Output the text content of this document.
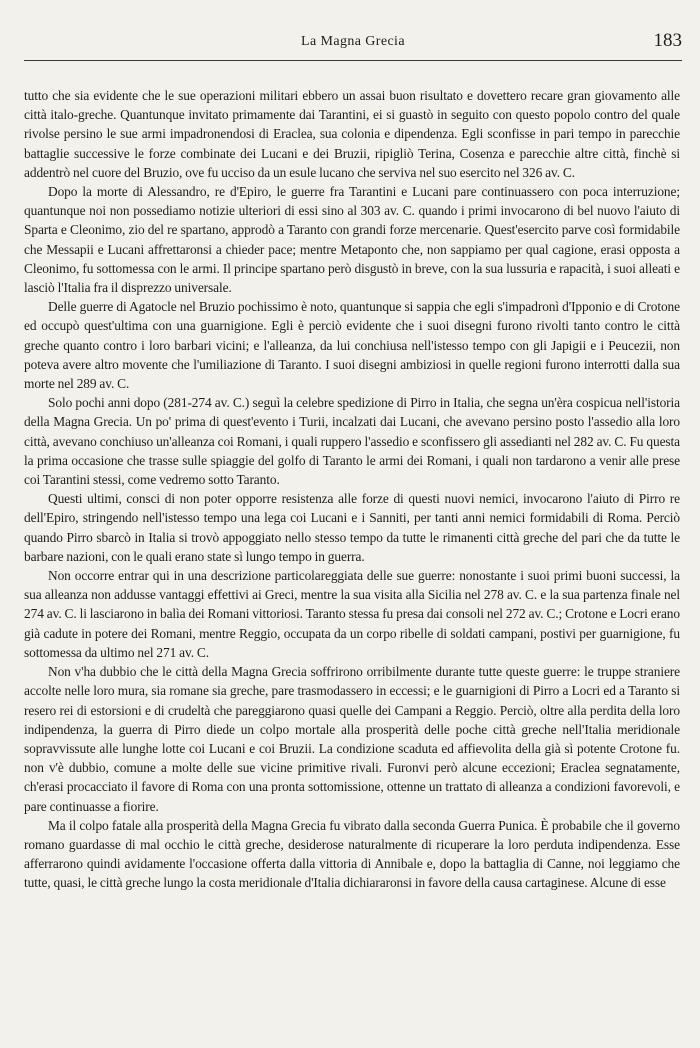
La Magna Grecia	183

tutto che sia evidente che le sue operazioni militari ebbero un assai buon risultato e dovettero recare gran giovamento alle città italo-greche. Quantunque invitato primamente dai Tarantini, ei si guastò in seguito con questo popolo contro del quale rivolse persino le sue armi impadronendosi di Eraclea, sua colonia e dipendenza. Egli sconfisse in pari tempo in parecchie battaglie successive le forze combinate dei Lucani e dei Bruzii, ripigliò Terina, Cosenza e parecchie altre città, finchè si addentrò nel cuore del Bruzio, ove fu ucciso da un esule lucano che serviva nel suo esercito nel 326 av. C.

Dopo la morte di Alessandro, re d'Epiro, le guerre fra Tarantini e Lucani pare continuassero con poca interruzione; quantunque noi non possediamo notizie ulteriori di essi sino al 303 av. C. quando i primi invocarono di bel nuovo l'aiuto di Sparta e Cleonimo, zio del re spartano, approdò a Taranto con grandi forze mercenarie. Quest'esercito parve così formidabile che Messapii e Lucani affrettaronsi a chieder pace; mentre Metaponto che, non sappiamo per qual cagione, erasi opposta a Cleonimo, fu sottomessa con le armi. Il principe spartano però disgustò in breve, con la sua lussuria e rapacità, i suoi alleati e lasciò l'Italia fra il disprezzo universale.

Delle guerre di Agatocle nel Bruzio pochissimo è noto, quantunque si sappia che egli s'impadronì d'Ipponio e di Crotone ed occupò quest'ultima con una guarnigione. Egli è perciò evidente che i suoi disegni furono rivolti tanto contro le città greche quanto contro i loro barbari vicini; e l'alleanza, da lui conchiusa nell'istesso tempo con gli Japigii e i Peucezii, non poteva avere altro movente che l'umiliazione di Taranto. I suoi disegni ambiziosi in quelle regioni furono interrotti dalla sua morte nel 289 av. C.

Solo pochi anni dopo (281-274 av. C.) seguì la celebre spedizione di Pirro in Italia, che segna un'èra cospicua nell'istoria della Magna Grecia. Un po' prima di quest'evento i Turii, incalzati dai Lucani, che avevano persino posto l'assedio alla loro città, avevano conchiuso un'alleanza coi Romani, i quali ruppero l'assedio e sconfissero gli assedianti nel 282 av. C. Fu questa la prima occasione che trasse sulle spiaggie del golfo di Taranto le armi dei Romani, i quali non tardarono a venir alle prese coi Tarantini stessi, come vedremo sotto Taranto.

Questi ultimi, consci di non poter opporre resistenza alle forze di questi nuovi nemici, invocarono l'aiuto di Pirro re dell'Epiro, stringendo nell'istesso tempo una lega coi Lucani e i Sanniti, per tanti anni nemici formidabili di Roma. Perciò quando Pirro sbarcò in Italia si trovò appoggiato nello stesso tempo da tutte le rimanenti città greche del pari che da tutte le barbare nazioni, con le quali erano state sì lungo tempo in guerra.

Non occorre entrar qui in una descrizione particolareggiata delle sue guerre: nonostante i suoi primi buoni successi, la sua alleanza non addusse vantaggi effettivi ai Greci, mentre la sua visita alla Sicilia nel 278 av. C. e la sua partenza finale nel 274 av. C. li lasciarono in balìa dei Romani vittoriosi. Taranto stessa fu presa dai consoli nel 272 av. C.; Crotone e Locri erano già cadute in potere dei Romani, mentre Reggio, occupata da un corpo ribelle di soldati campani, postivi per guarnigione, fu sottomessa da ultimo nel 271 av. C.

Non v'ha dubbio che le città della Magna Grecia soffrirono orribilmente durante tutte queste guerre: le truppe straniere accolte nelle loro mura, sia romane sia greche, pare trasmodassero in eccessi; e le guarnigioni di Pirro a Locri ed a Taranto si resero rei di estorsioni e di crudeltà che pareggiarono quasi quelle dei Campani a Reggio. Perciò, oltre alla perdita della loro indipendenza, la guerra di Pirro diede un colpo mortale alla prosperità delle poche città greche nell'Italia meridionale sopravvissute alle lunghe lotte coi Lucani e coi Bruzii. La condizione scaduta ed affievolita della già sì potente Crotone fu. non v'è dubbio, comune a molte delle sue vicine primitive rivali. Furonvi però alcune eccezioni; Eraclea segnatamente, ch'erasi procacciato il favore di Roma con una pronta sottomissione, ottenne un trattato di alleanza a condizioni favorevoli, e pare continuasse a fiorire.

Ma il colpo fatale alla prosperità della Magna Grecia fu vibrato dalla seconda Guerra Punica. È probabile che il governo romano guardasse di mal occhio le città greche, desiderose naturalmente di ricuperare la loro perduta indipendenza. Esse afferrarono quindi avidamente l'occasione offerta dalla vittoria di Annibale e, dopo la battaglia di Canne, noi leggiamo che tutte, quasi, le città greche lungo la costa meridionale d'Italia dichiararonsi in favore della causa cartaginese. Alcune di esse
